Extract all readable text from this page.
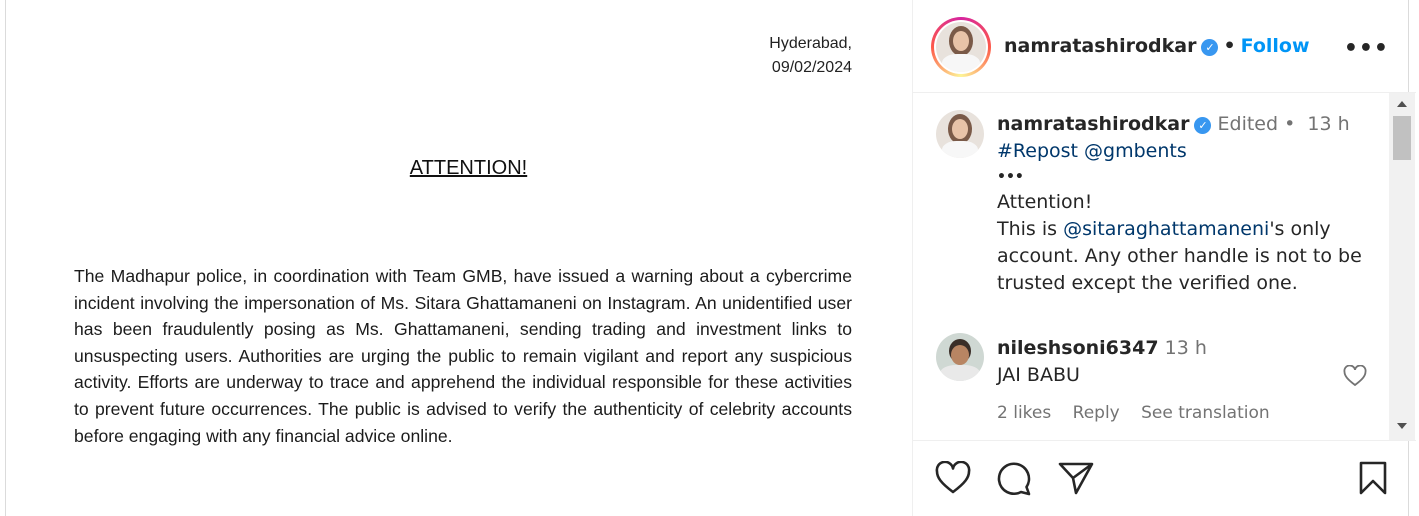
Hyderabad,
09/02/2024
ATTENTION!
The Madhapur police, in coordination with Team GMB, have issued a warning about a cybercrime incident involving the impersonation of Ms. Sitara Ghattamaneni on Instagram. An unidentified user has been fraudulently posing as Ms. Ghattamaneni, sending trading and investment links to unsuspecting users. Authorities are urging the public to remain vigilant and report any suspicious activity. Efforts are underway to trace and apprehend the individual responsible for these activities to prevent future occurrences. The public is advised to verify the authenticity of celebrity accounts before engaging with any financial advice online.
namratashirodkar ✓ • Follow •••
namratashirodkar ✓ Edited • 13 h
#Repost @gmbents
•••
Attention!
This is @sitaraghattamaneni's only account. Any other handle is not to be trusted except the verified one.
nileshsoni6347 13 h
JAI BABU
2 likes Reply See translation
